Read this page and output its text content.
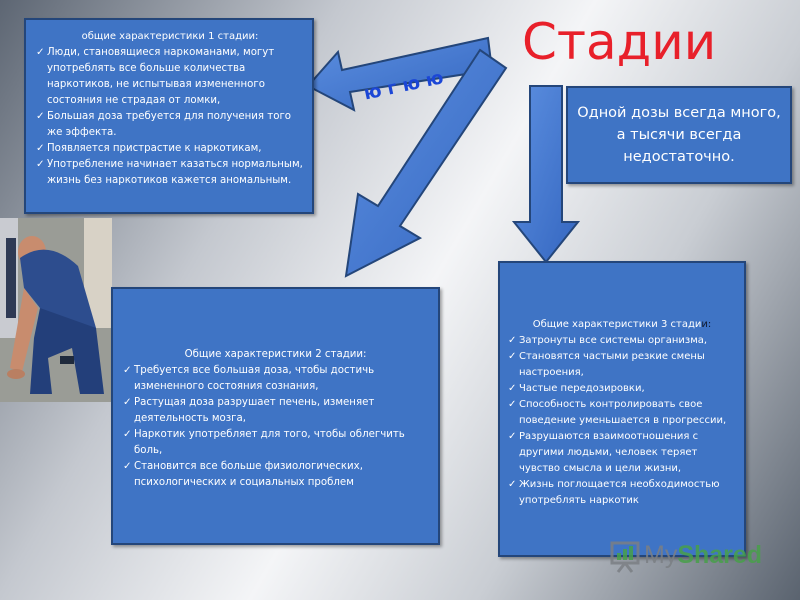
Стадии
ю г ю ю
общие характеристики 1 стадии:
✓ Люди, становящиеся наркоманами, могут употреблять все больше количества наркотиков, не испытывая измененного состояния не страдая от ломки,
✓ Большая доза требуется для получения того же эффекта.
✓ Появляется пристрастие к наркотикам,
✓ Употребление начинает казаться нормальным, жизнь без наркотиков кажется аномальным.
Одной дозы всегда много, а тысячи всегда недостаточно.
Общие характеристики 2 стадии:
✓ Требуется все большая доза, чтобы достичь измененного состояния сознания,
✓ Растущая доза разрушает печень, изменяет деятельность мозга,
✓ Наркотик употребляет для того, чтобы облегчить боль,
✓ Становится все больше физиологических, психологических и социальных проблем
Общие характеристики 3 стадии:
✓ Затронуты все системы организма,
✓ Становятся частыми резкие смены настроения,
✓ Частые передозировки,
✓ Способность контролировать свое поведение уменьшается в прогрессии,
✓ Разрушаются взаимоотношения с другими людьми, человек теряет чувство смысла и цели жизни,
✓ Жизнь поглощается необходимостью употреблять наркотик
MyShared
